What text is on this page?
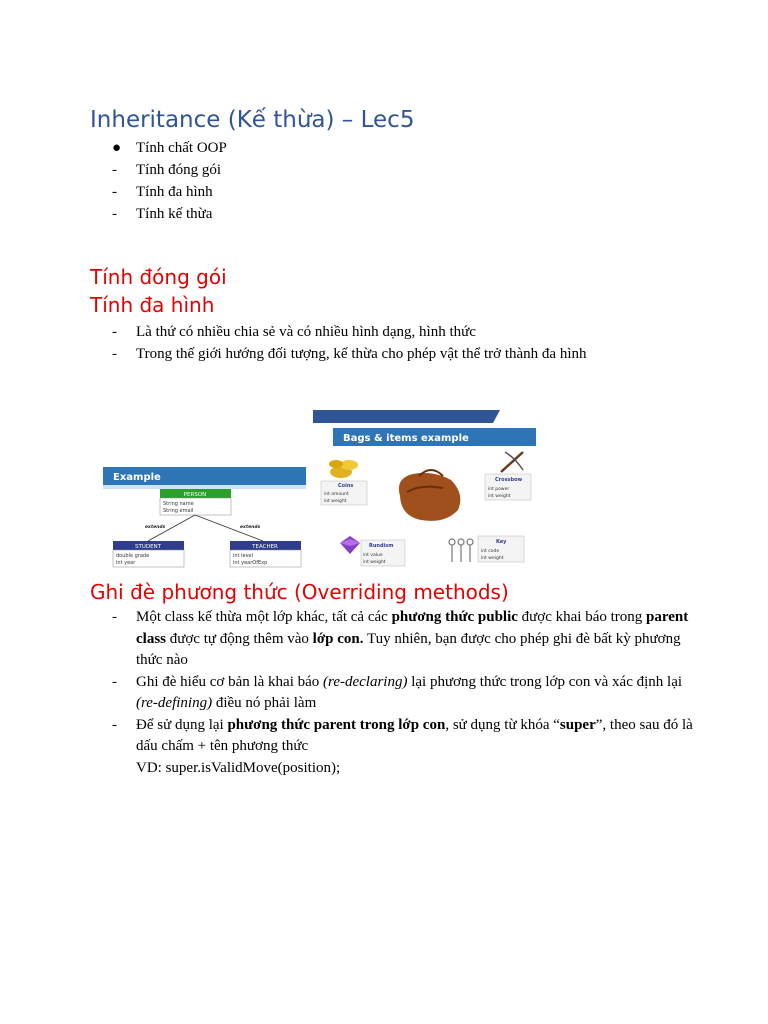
Inheritance (Kế thừa) – Lec5
● Tính chất OOP
- Tính đóng gói
- Tính đa hình
- Tính kế thừa
Tính đóng gói
Tính đa hình
- Là thứ có nhiều chia sẻ và có nhiều hình dạng, hình thức
- Trong thế giới hướng đối tượng, kế thừa cho phép vật thể trở thành đa hình
Example
PERSON
String name
String email
extends	extends
STUDENT
double grade
int year
TEACHER
int level
int yearOfExp
Bags & items example
Coins
int amount
int weight
Crossbow
int power
int weight
Rundism
int value
int weight
Key
int code
int weight
Ghi đè phương thức (Overriding methods)
- Một class kế thừa một lớp khác, tất cả các phương thức public được khai báo trong parent class được tự động thêm vào lớp con. Tuy nhiên, bạn được cho phép ghi đè bất kỳ phương thức nào
- Ghi đè hiểu cơ bản là khai báo (re-declaring) lại phương thức trong lớp con và xác định lại
(re-defining) điều nó phải làm
- Để sử dụng lại phương thức parent trong lớp con, sử dụng từ khóa “super”, theo sau đó là dấu chấm + tên phương thức
VD: super.isValidMove(position);
